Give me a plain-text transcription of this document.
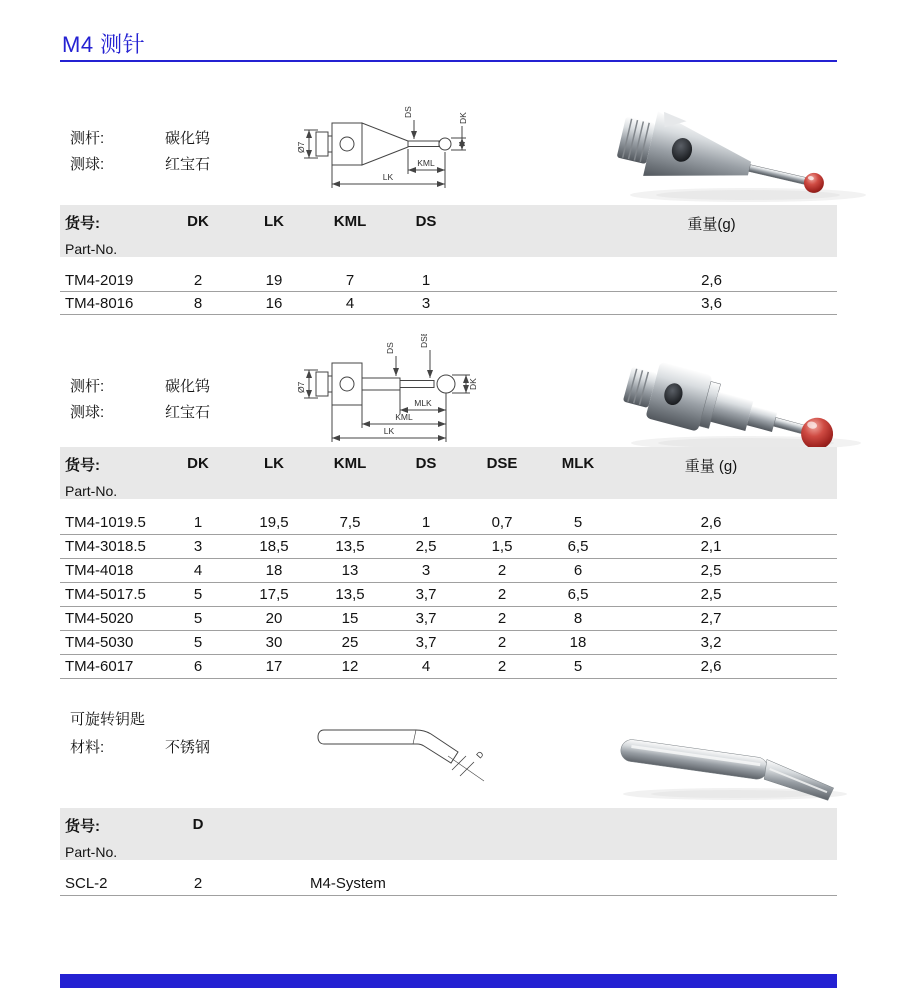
M4 测针
测杆:	碳化钨
测球:	红宝石
Ø7
DS
DK
KML
LK
货号:
Part-No.
DK	LK	KML	DS	重量(g)
TM4-2019	2	19	7	1	2,6
TM4-8016	8	16	4	3	3,6
测杆:	碳化钨
测球:	红宝石
Ø7
DS
DSE
DK
MLK
KML
LK
货号:
Part-No.
DK	LK	KML	DS	DSE	MLK	重量 (g)
TM4-1019.5	1	19,5	7,5	1	0,7	5	2,6
TM4-3018.5	3	18,5	13,5	2,5	1,5	6,5	2,1
TM4-4018	4	18	13	3	2	6	2,5
TM4-5017.5	5	17,5	13,5	3,7	2	6,5	2,5
TM4-5020	5	20	15	3,7	2	8	2,7
TM4-5030	5	30	25	3,7	2	18	3,2
TM4-6017	6	17	12	4	2	5	2,6
可旋转钥匙
材料:	不锈钢	D
货号:
Part-No.
D
SCL-2	2	M4-System
